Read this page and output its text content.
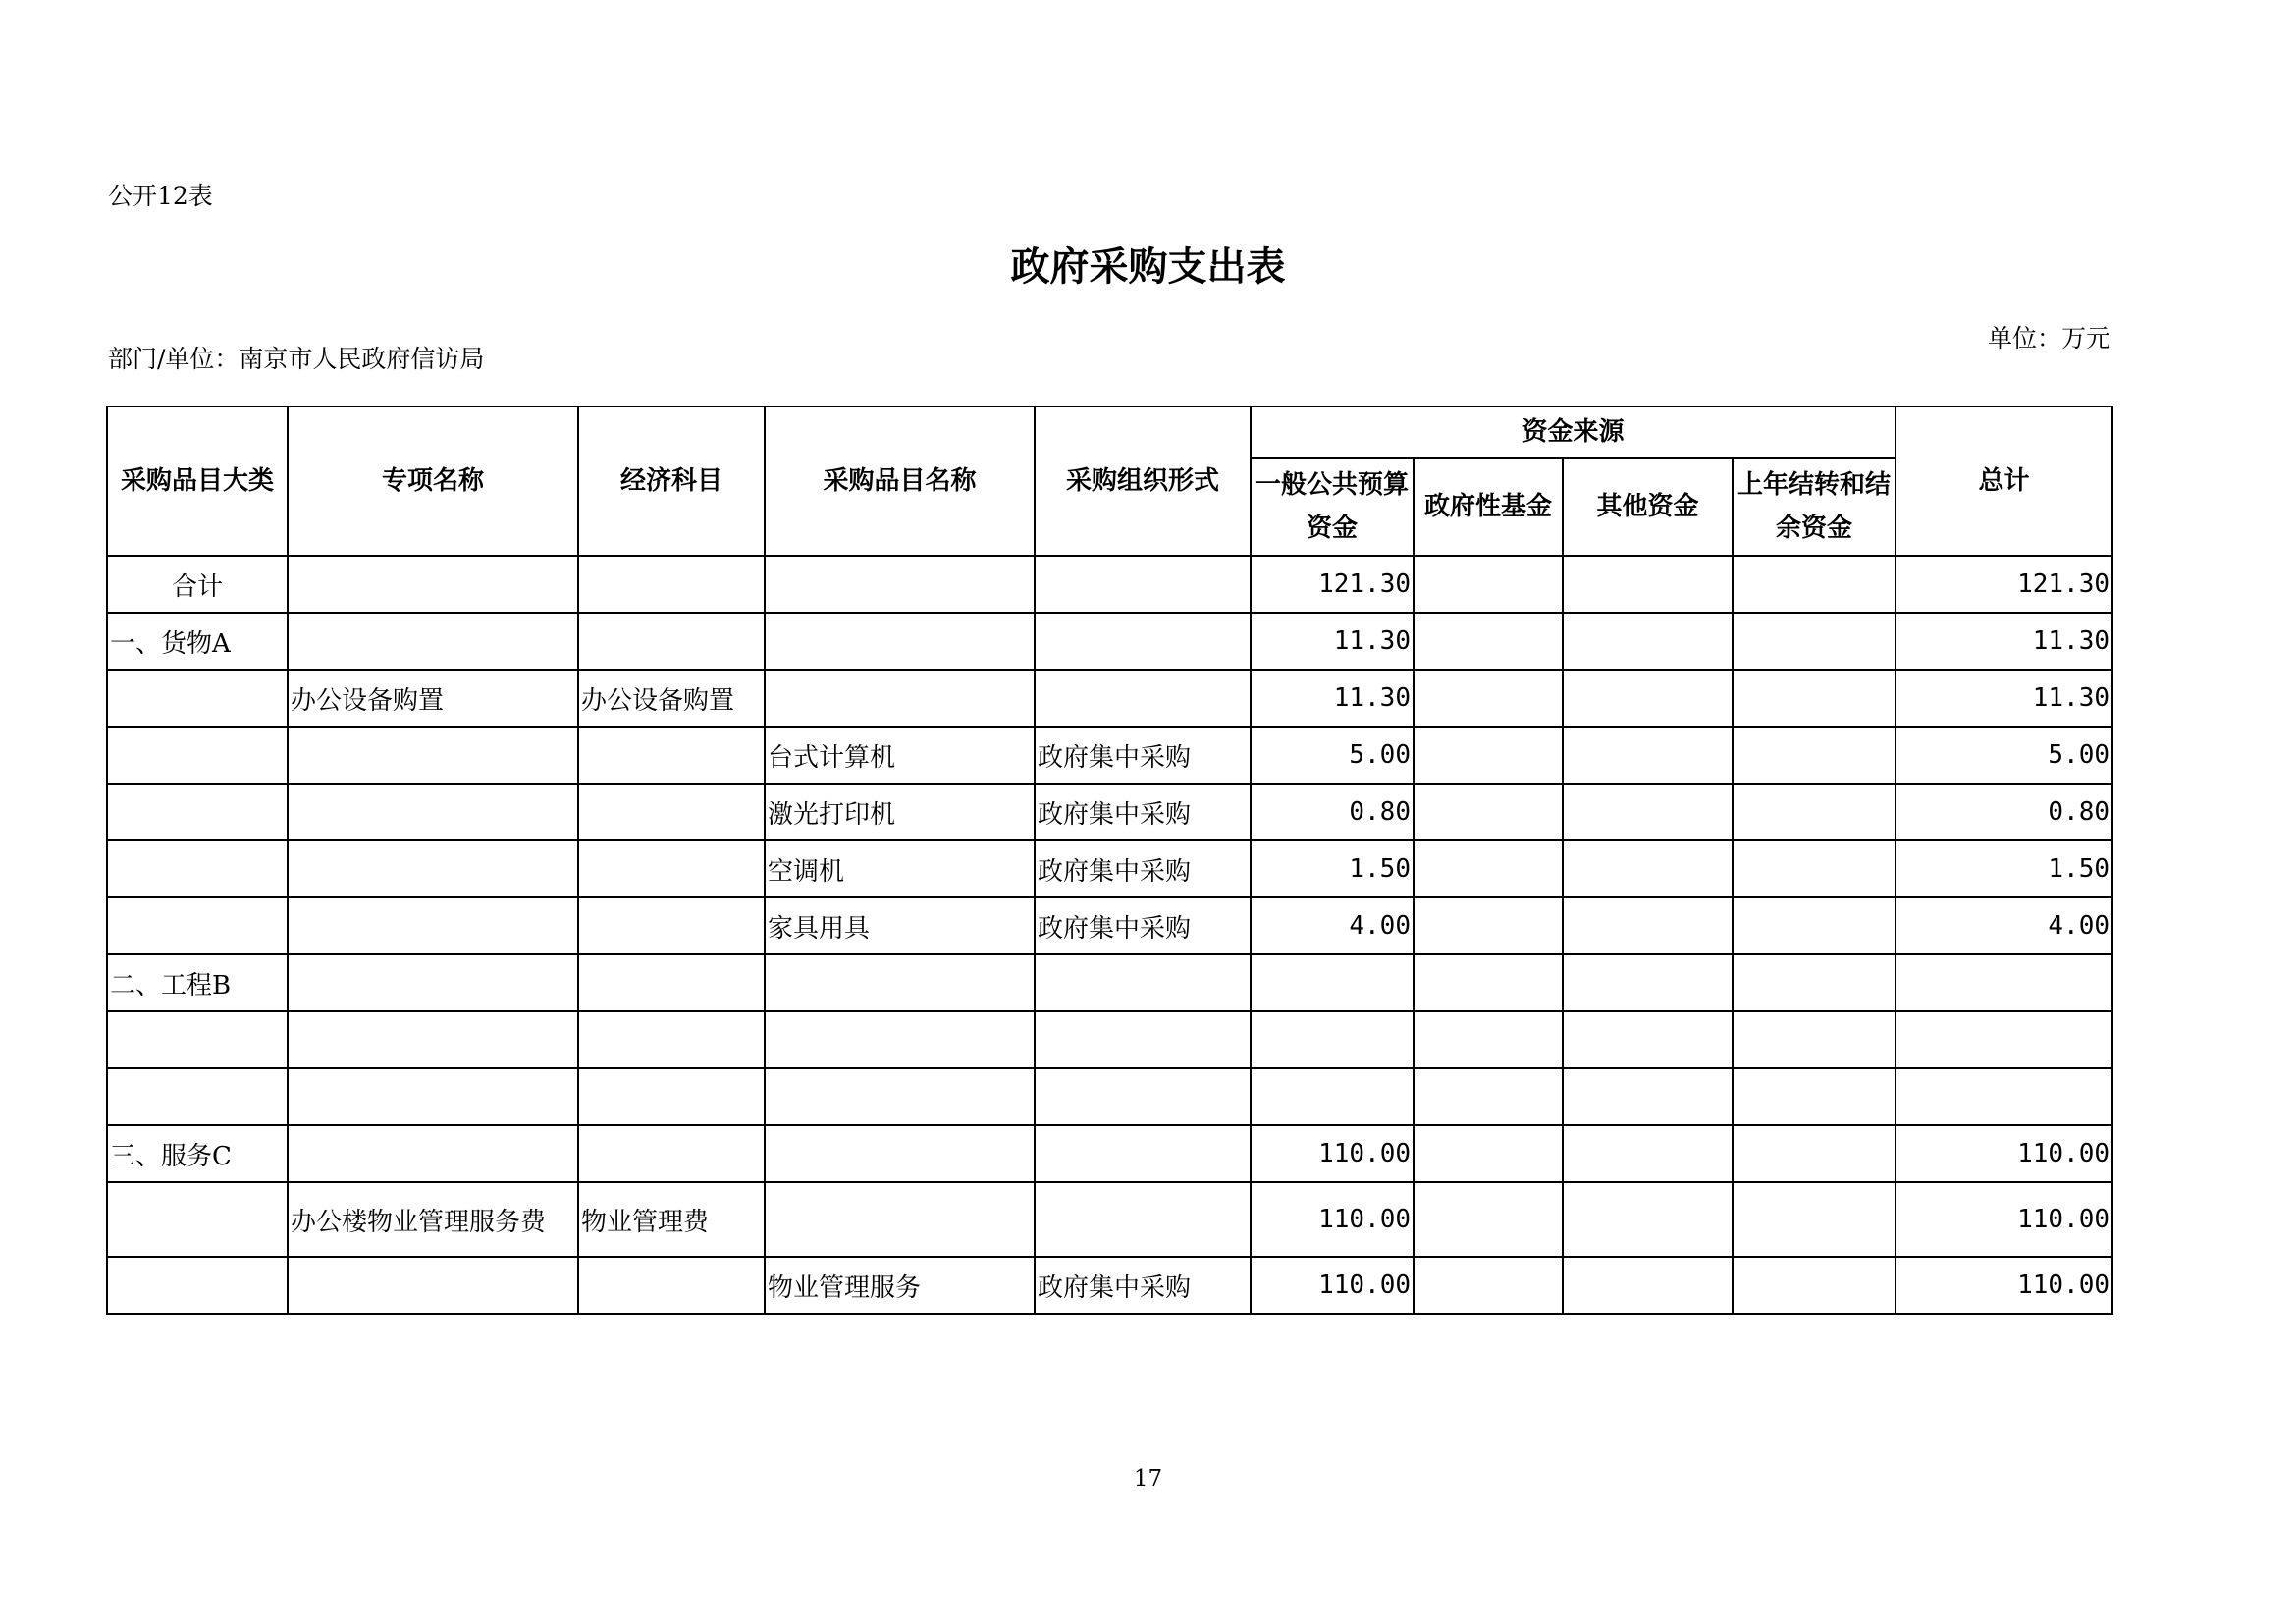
公开12表
政府采购支出表
部门/单位：南京市人民政府信访局
单位：万元
采购品目大类	专项名称	经济科目	采购品目名称	采购组织形式	资金来源				总计
					一般公共预算资金	政府性基金	其他资金	上年结转和结余资金	
合计					121.30				121.30
一、货物A					11.30				11.30
	办公设备购置	办公设备购置			11.30				11.30
			台式计算机	政府集中采购	5.00				5.00
			激光打印机	政府集中采购	0.80				0.80
			空调机	政府集中采购	1.50				1.50
			家具用具	政府集中采购	4.00				4.00
二、工程B									

三、服务C					110.00				110.00
	办公楼物业管理服务费	物业管理费			110.00				110.00
			物业管理服务	政府集中采购	110.00				110.00
17
